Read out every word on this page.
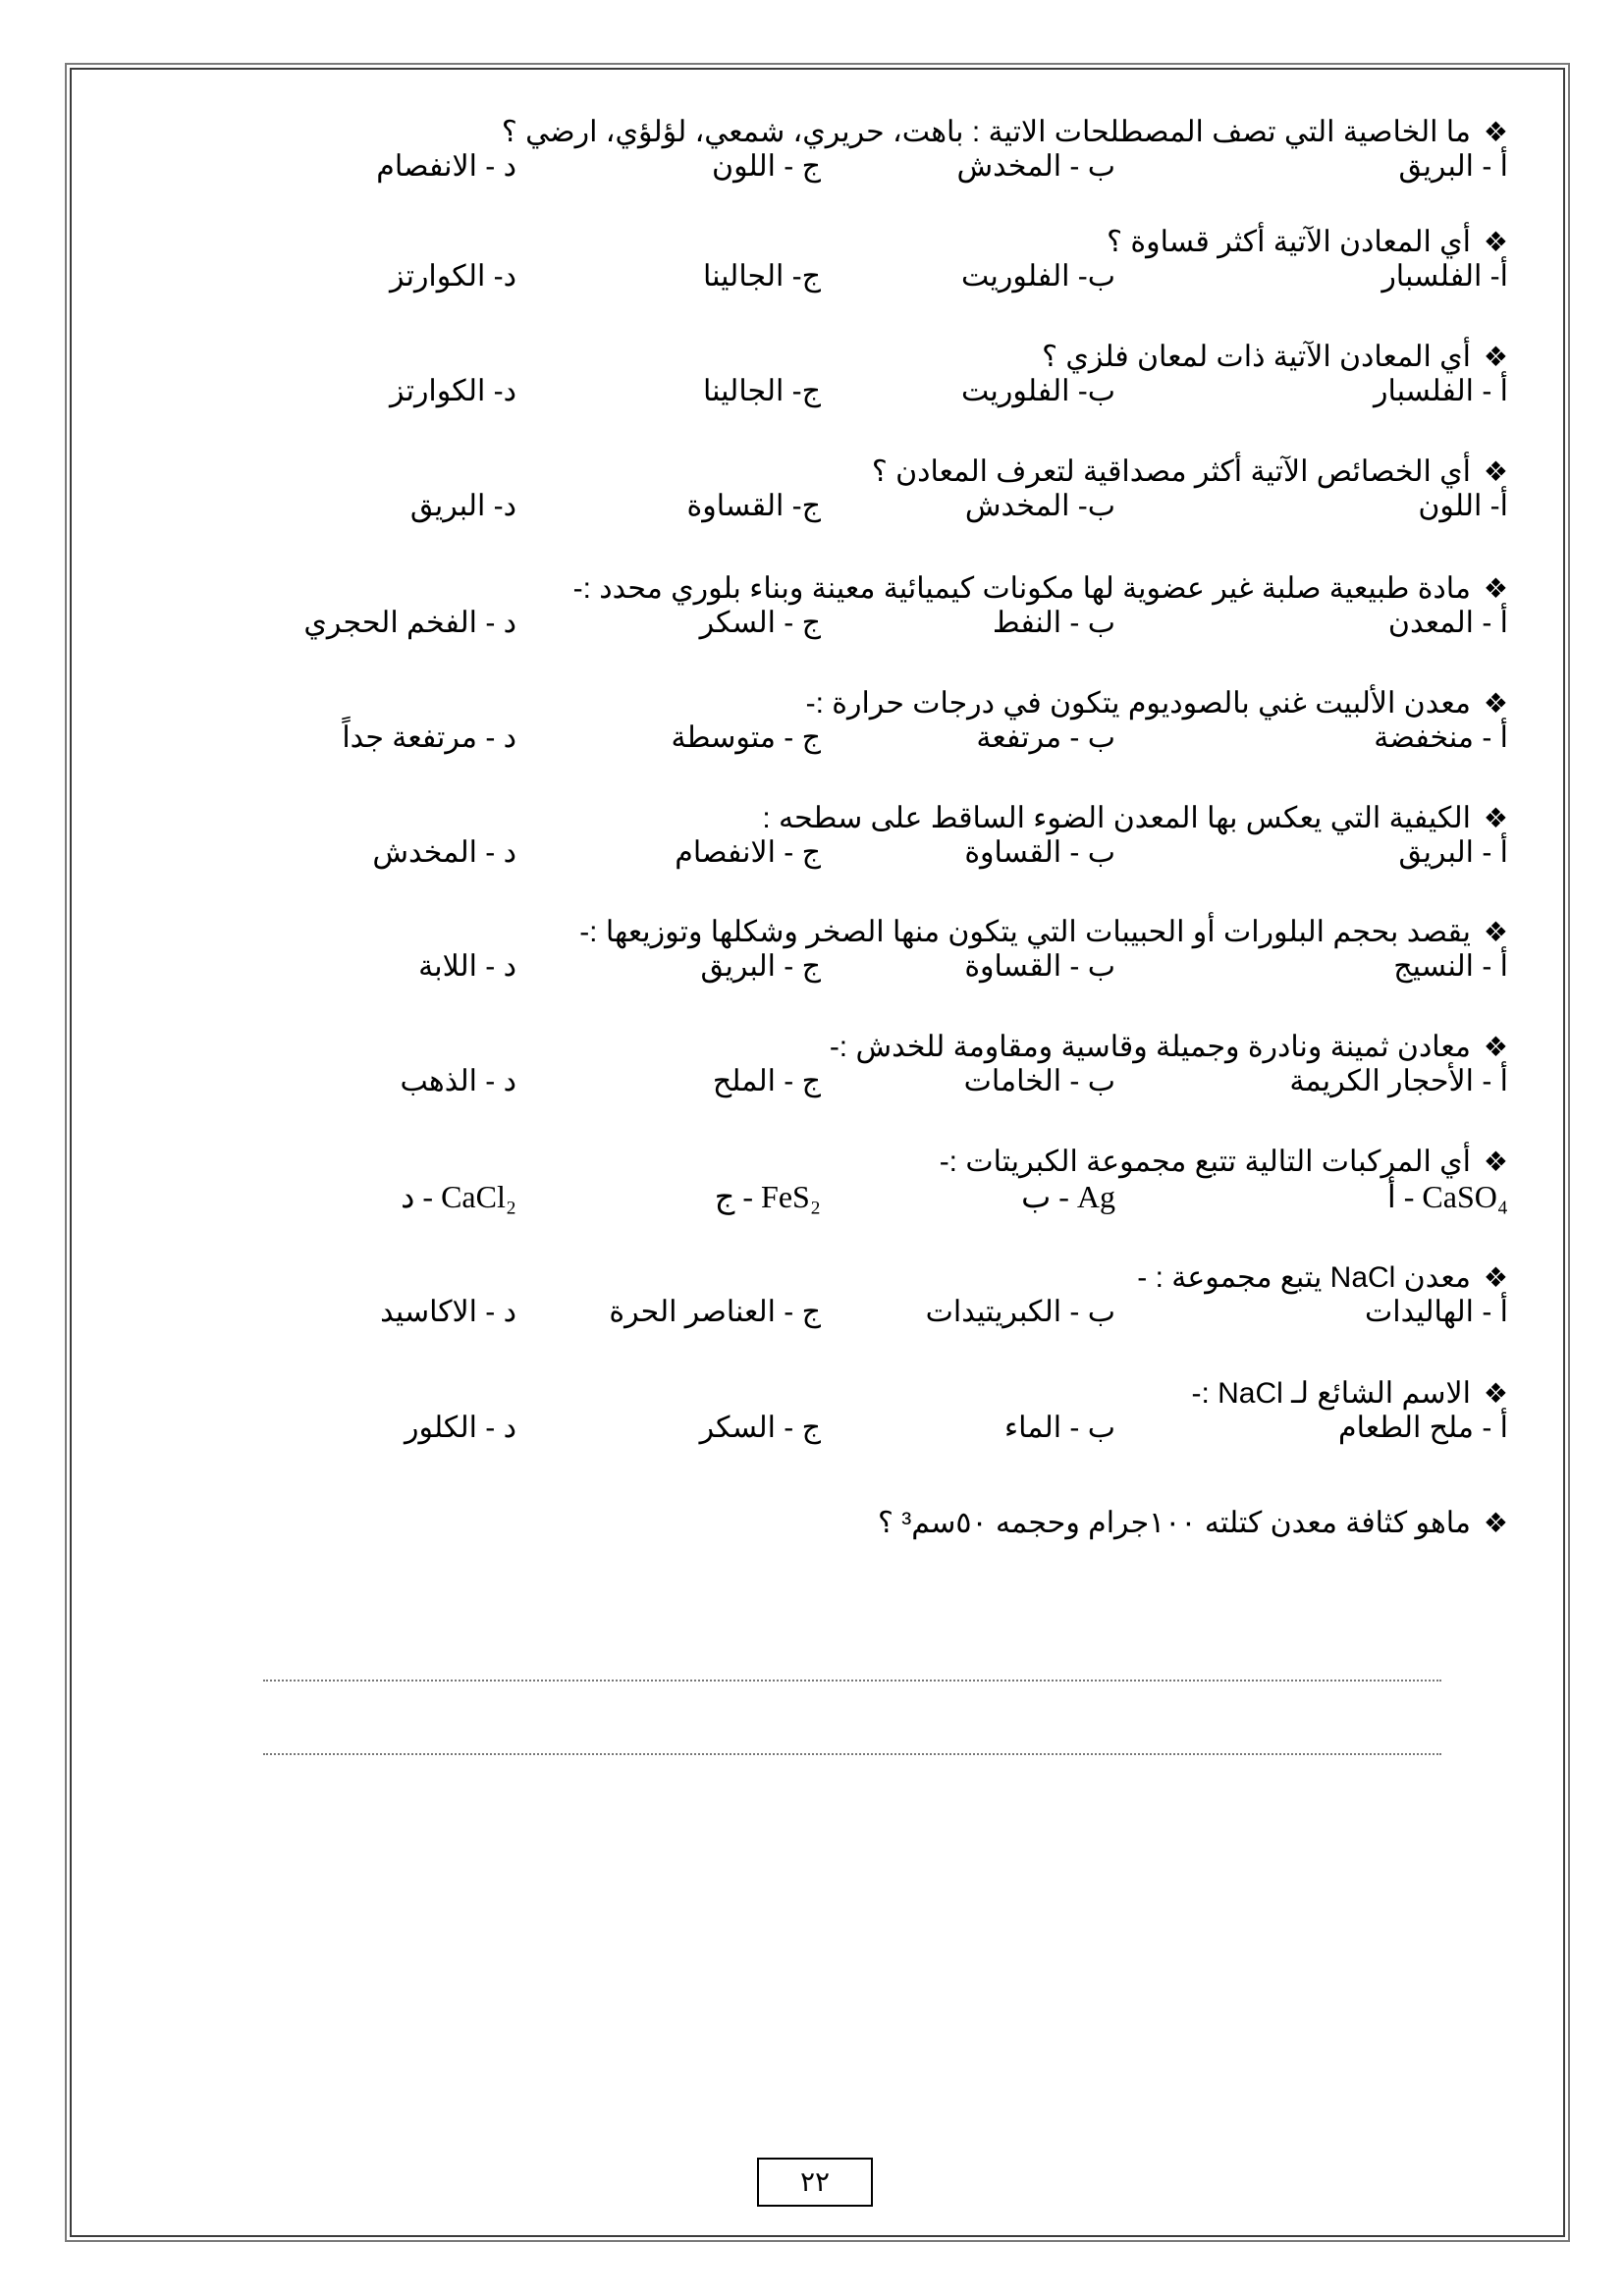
❖ما الخاصية التي تصف المصطلحات الاتية : باهت، حريري، شمعي، لؤلؤي، ارضي ؟
أ - البريق
ب - المخدش
ج - اللون
د - الانفصام
❖أي المعادن الآتية أكثر قساوة ؟
أ- الفلسبار
ب- الفلوريت
ج- الجالينا
د- الكوارتز
❖أي المعادن الآتية ذات لمعان فلزي ؟
أ - الفلسبار
ب- الفلوريت
ج- الجالينا
د- الكوارتز
❖أي الخصائص الآتية أكثر مصداقية لتعرف المعادن ؟
أ- اللون
ب- المخدش
ج- القساوة
د- البريق
❖مادة طبيعية صلبة غير عضوية لها مكونات كيميائية معينة وبناء بلوري محدد :-
أ - المعدن
ب - النفط
ج - السكر
د - الفخم الحجري
❖معدن الألبيت غني بالصوديوم يتكون في درجات حرارة :-
أ - منخفضة
ب - مرتفعة
ج - متوسطة
د - مرتفعة جداً
❖الكيفية التي يعكس بها المعدن الضوء الساقط على سطحه :
أ - البريق
ب - القساوة
ج - الانفصام
د - المخدش
❖يقصد بحجم البلورات أو الحبيبات التي يتكون منها الصخر وشكلها وتوزيعها :-
أ - النسيج
ب - القساوة
ج - البريق
د - اللابة
❖معادن ثمينة ونادرة وجميلة وقاسية ومقاومة للخدش :-
أ - الأحجار الكريمة
ب - الخامات
ج - الملح
د - الذهب
❖أي المركبات التالية تتبع مجموعة الكبريتات :-
CaSO₄ - أ
Ag - ب
FeS₂ - ج
CaCl₂ - د
❖معدن NaCl يتبع مجموعة : -
أ - الهاليدات
ب - الكبريتيدات
ج - العناصر الحرة
د - الاكاسيد
❖الاسم الشائع لـ NaCl :-
أ - ملح الطعام
ب - الماء
ج - السكر
د - الكلور
❖ماهو كثافة معدن كتلته ١٠٠جرام وحجمه ٥٠سم³ ؟
٢٢
